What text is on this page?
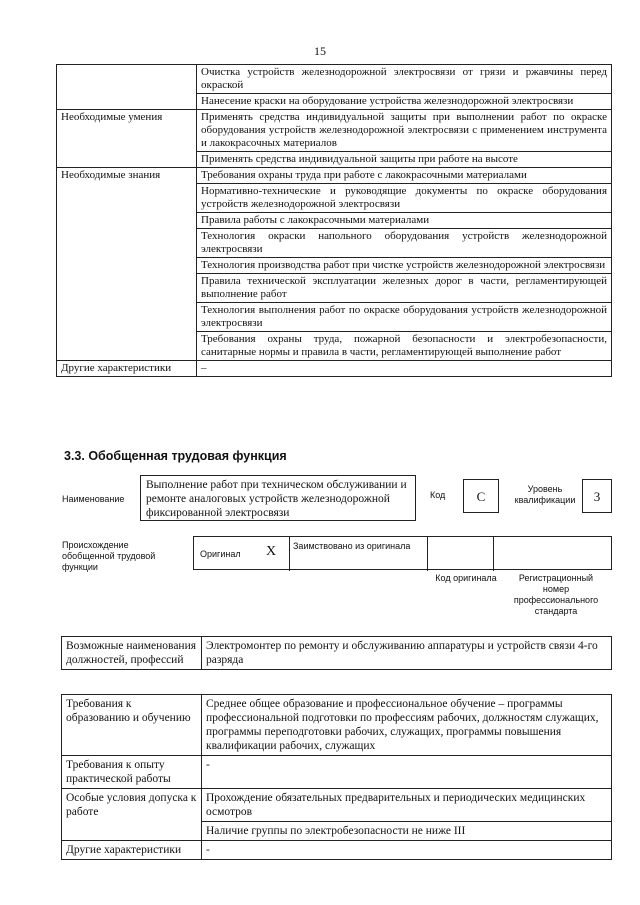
15
	Очистка устройств железнодорожной электросвязи от грязи и ржавчины перед окраской
	Нанесение краски на оборудование устройства железнодорожной электросвязи
Необходимые умения	Применять средства индивидуальной защиты при выполнении работ по окраске оборудования устройств железнодорожной электросвязи с применением инструмента и лакокрасочных материалов
	Применять средства индивидуальной защиты при работе на высоте
Необходимые знания	Требования охраны труда при работе с лакокрасочными материалами
	Нормативно-технические и руководящие документы по окраске оборудования устройств железнодорожной электросвязи
	Правила работы с лакокрасочными материалами
	Технология окраски напольного оборудования устройств железнодорожной электросвязи
	Технология производства работ при чистке устройств железнодорожной электросвязи
	Правила технической эксплуатации железных дорог в части, регламентирующей выполнение работ
	Технология выполнения работ по окраске оборудования устройств железнодорожной электросвязи
	Требования охраны труда, пожарной безопасности и электробезопасности, санитарные нормы и правила в части, регламентирующей выполнение работ
Другие характеристики	–
3.3. Обобщенная трудовая функция
Наименование
Выполнение работ при техническом обслуживании и ремонте аналоговых устройств железнодорожной фиксированной электросвязи
Код	C	Уровень квалификации	3
Происхождение обобщенной трудовой функции
Оригинал X	Заимствовано из оригинала
Код оригинала	Регистрационный номер профессионального стандарта
Возможные наименования должностей, профессий	Электромонтер по ремонту и обслуживанию аппаратуры и устройств связи 4-го разряда
Требования к образованию и обучению	Среднее общее образование и профессиональное обучение – программы профессиональной подготовки по профессиям рабочих, должностям служащих, программы переподготовки рабочих, служащих, программы повышения квалификации рабочих, служащих
Требования к опыту практической работы	-
Особые условия допуска к работе	Прохождение обязательных предварительных и периодических медицинских осмотров
	Наличие группы по электробезопасности не ниже III
Другие характеристики	-
